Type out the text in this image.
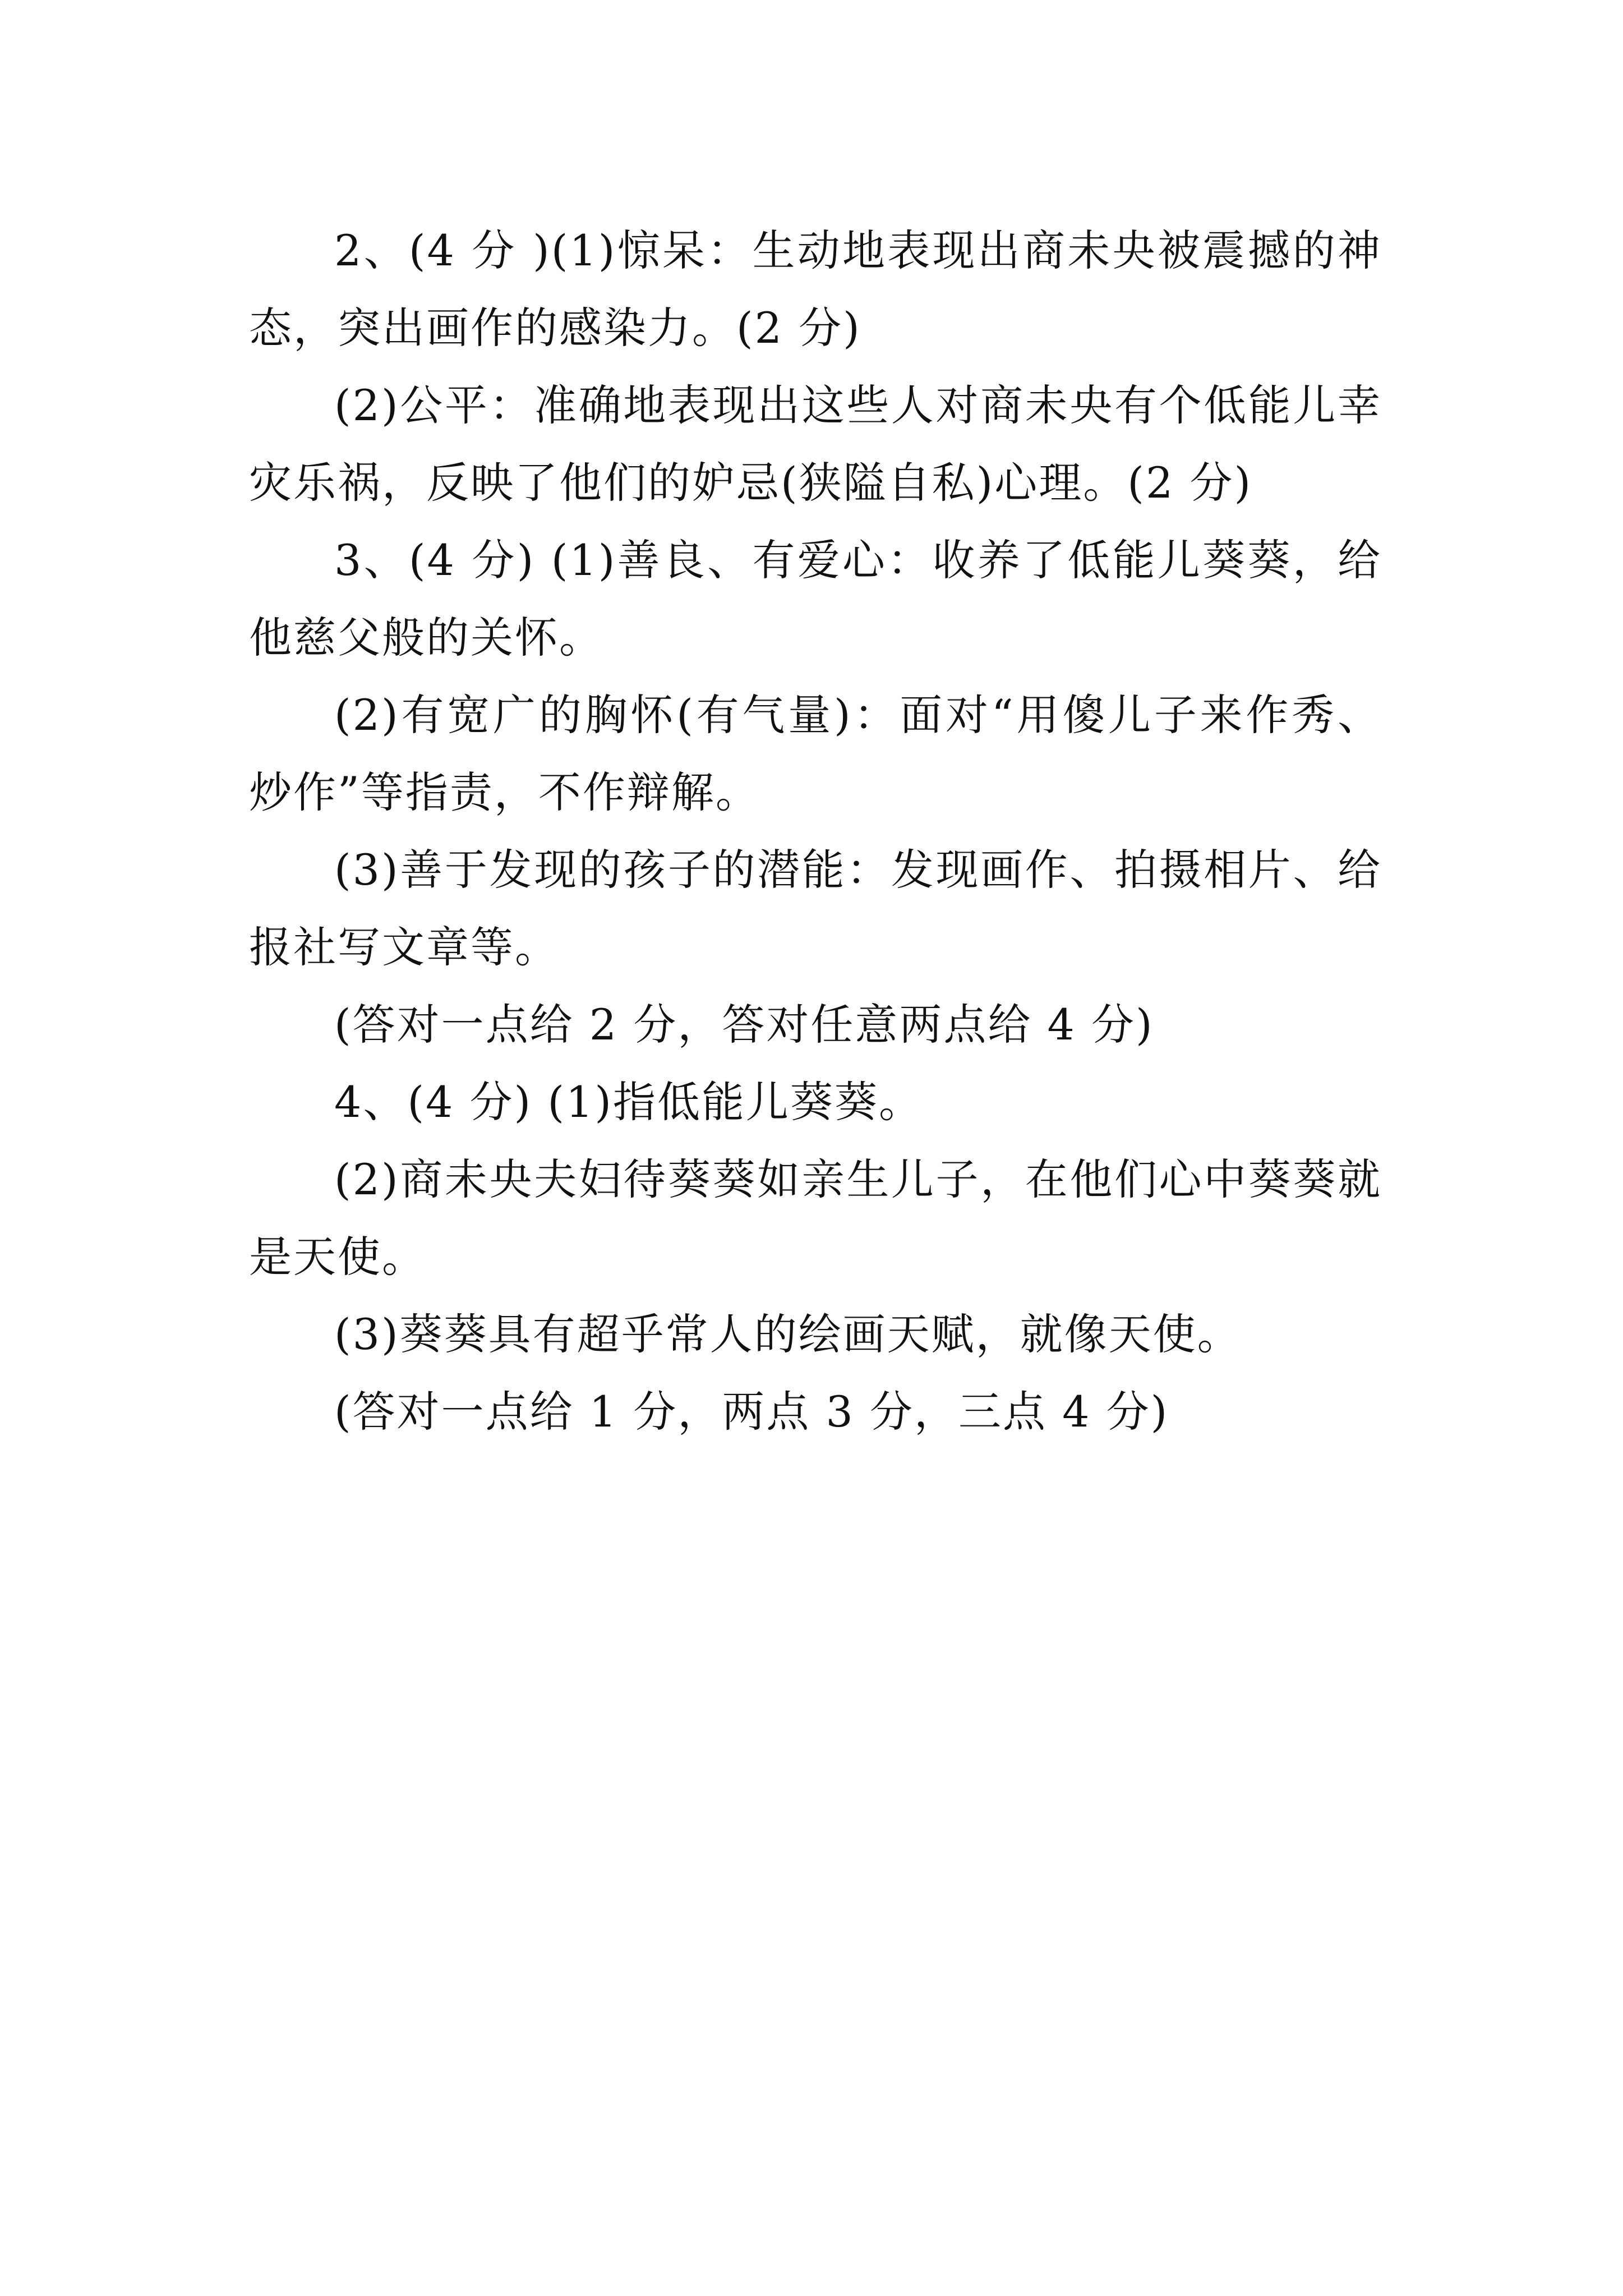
2、(4 分 )(1)惊呆：生动地表现出商未央被震撼的神态，突出画作的感染力。(2 分)

(2)公平：准确地表现出这些人对商未央有个低能儿幸灾乐祸，反映了他们的妒忌(狭隘自私)心理。(2 分)

3、(4 分) (1)善良、有爱心：收养了低能儿葵葵，给他慈父般的关怀。

(2)有宽广的胸怀(有气量)：面对“用傻儿子来作秀、炒作”等指责，不作辩解。

(3)善于发现的孩子的潜能：发现画作、拍摄相片、给报社写文章等。

(答对一点给 2 分，答对任意两点给 4 分)

4、(4 分) (1)指低能儿葵葵。

(2)商未央夫妇待葵葵如亲生儿子，在他们心中葵葵就是天使。

(3)葵葵具有超乎常人的绘画天赋，就像天使。

(答对一点给 1 分，两点 3 分，三点 4 分)
